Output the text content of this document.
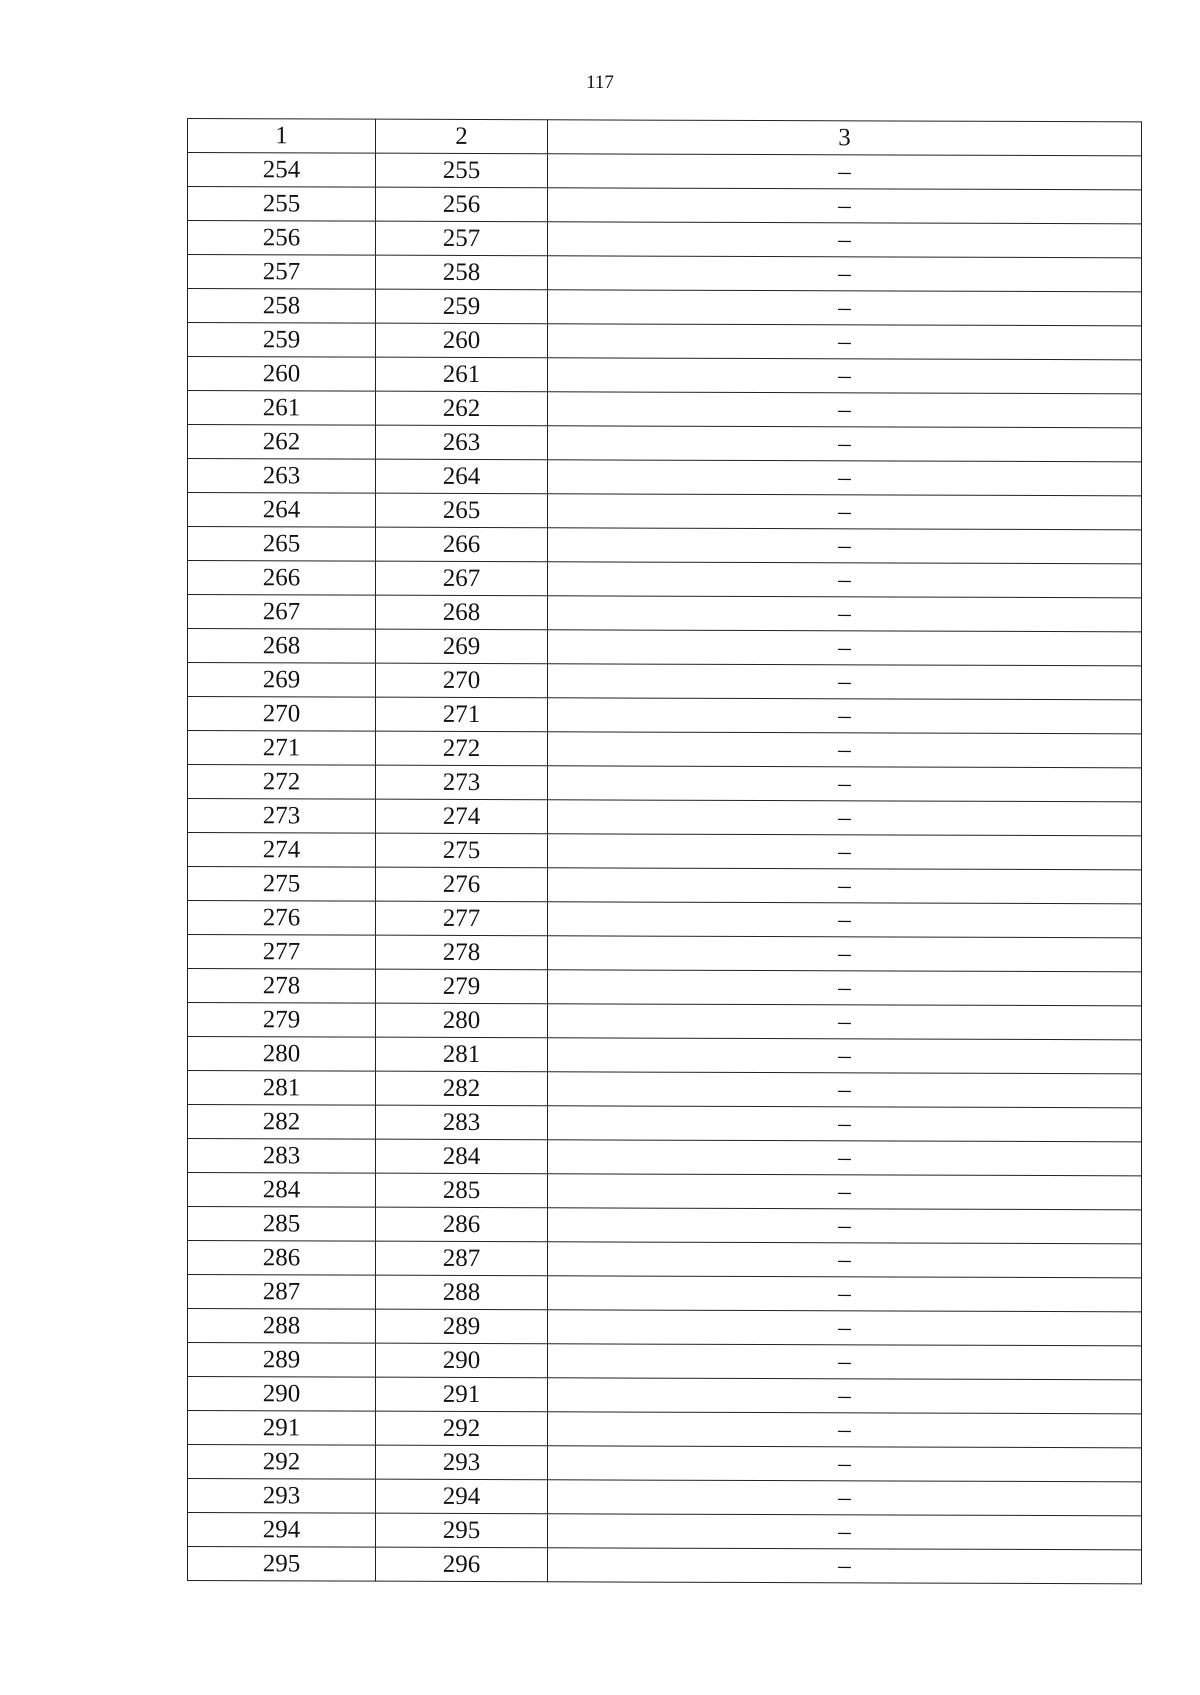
117
1	2	3
254	255	–
255	256	–
256	257	–
257	258	–
258	259	–
259	260	–
260	261	–
261	262	–
262	263	–
263	264	–
264	265	–
265	266	–
266	267	–
267	268	–
268	269	–
269	270	–
270	271	–
271	272	–
272	273	–
273	274	–
274	275	–
275	276	–
276	277	–
277	278	–
278	279	–
279	280	–
280	281	–
281	282	–
282	283	–
283	284	–
284	285	–
285	286	–
286	287	–
287	288	–
288	289	–
289	290	–
290	291	–
291	292	–
292	293	–
293	294	–
294	295	–
295	296	–
